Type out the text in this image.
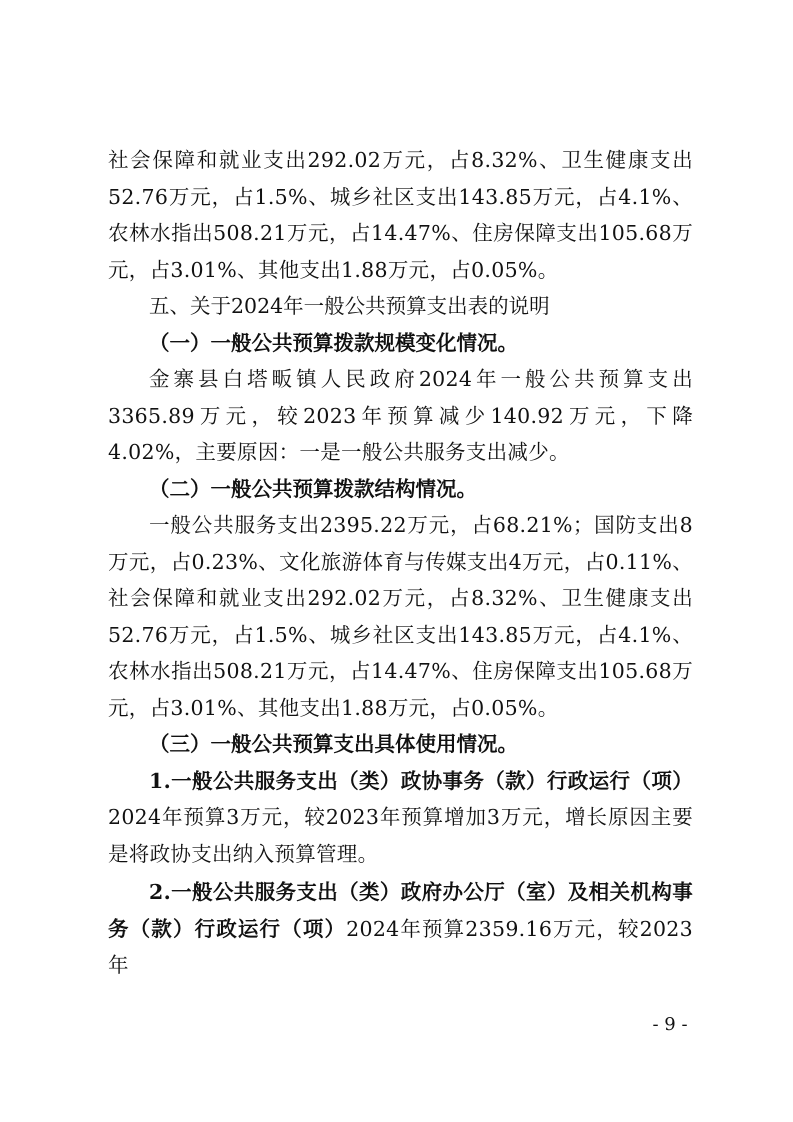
社会保障和就业支出292.02万元，占8.32%、卫生健康支出52.76万元，占1.5%、城乡社区支出143.85万元，占4.1%、农林水指出508.21万元，占14.47%、住房保障支出105.68万元，占3.01%、其他支出1.88万元，占0.05%。

五、关于2024年一般公共预算支出表的说明

（一）一般公共预算拨款规模变化情况。

金寨县白塔畈镇人民政府2024年一般公共预算支出3365.89万元，较2023年预算减少140.92万元，下降4.02%，主要原因：一是一般公共服务支出减少。

（二）一般公共预算拨款结构情况。

一般公共服务支出2395.22万元，占68.21%；国防支出8万元，占0.23%、文化旅游体育与传媒支出4万元，占0.11%、社会保障和就业支出292.02万元，占8.32%、卫生健康支出52.76万元，占1.5%、城乡社区支出143.85万元，占4.1%、农林水指出508.21万元，占14.47%、住房保障支出105.68万元，占3.01%、其他支出1.88万元，占0.05%。

（三）一般公共预算支出具体使用情况。

1.一般公共服务支出（类）政协事务（款）行政运行（项）2024年预算3万元，较2023年预算增加3万元，增长原因主要是将政协支出纳入预算管理。

2.一般公共服务支出（类）政府办公厅（室）及相关机构事务（款）行政运行（项）2024年预算2359.16万元，较2023年

- 9 -
